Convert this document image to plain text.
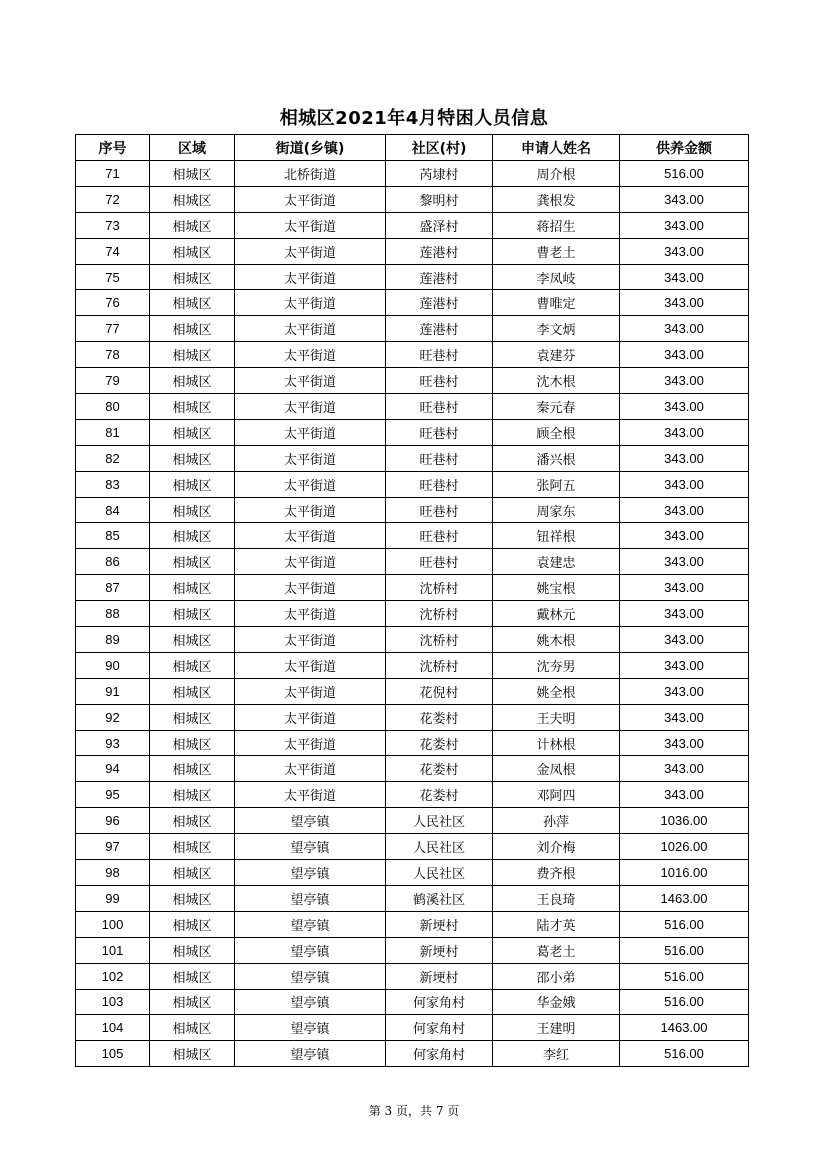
相城区2021年4月特困人员信息
序号	区域	街道(乡镇)	社区(村)	申请人姓名	供养金额
71	相城区	北桥街道	芮埭村	周介根	516.00
72	相城区	太平街道	黎明村	龚根发	343.00
73	相城区	太平街道	盛泽村	蒋招生	343.00
74	相城区	太平街道	莲港村	曹老土	343.00
75	相城区	太平街道	莲港村	李凤岐	343.00
76	相城区	太平街道	莲港村	曹唯定	343.00
77	相城区	太平街道	莲港村	李文炳	343.00
78	相城区	太平街道	旺巷村	袁建芬	343.00
79	相城区	太平街道	旺巷村	沈木根	343.00
80	相城区	太平街道	旺巷村	秦元春	343.00
81	相城区	太平街道	旺巷村	顾全根	343.00
82	相城区	太平街道	旺巷村	潘兴根	343.00
83	相城区	太平街道	旺巷村	张阿五	343.00
84	相城区	太平街道	旺巷村	周家东	343.00
85	相城区	太平街道	旺巷村	钮祥根	343.00
86	相城区	太平街道	旺巷村	袁建忠	343.00
87	相城区	太平街道	沈桥村	姚宝根	343.00
88	相城区	太平街道	沈桥村	戴林元	343.00
89	相城区	太平街道	沈桥村	姚木根	343.00
90	相城区	太平街道	沈桥村	沈夯男	343.00
91	相城区	太平街道	花倪村	姚全根	343.00
92	相城区	太平街道	花娄村	王夫明	343.00
93	相城区	太平街道	花娄村	计林根	343.00
94	相城区	太平街道	花娄村	金凤根	343.00
95	相城区	太平街道	花娄村	邓阿四	343.00
96	相城区	望亭镇	人民社区	孙萍	1036.00
97	相城区	望亭镇	人民社区	刘介梅	1026.00
98	相城区	望亭镇	人民社区	费齐根	1016.00
99	相城区	望亭镇	鹤溪社区	王良琦	1463.00
100	相城区	望亭镇	新埂村	陆才英	516.00
101	相城区	望亭镇	新埂村	葛老土	516.00
102	相城区	望亭镇	新埂村	邵小弟	516.00
103	相城区	望亭镇	何家角村	华金娥	516.00
104	相城区	望亭镇	何家角村	王建明	1463.00
105	相城区	望亭镇	何家角村	李红	516.00
第 3 页，共 7 页
